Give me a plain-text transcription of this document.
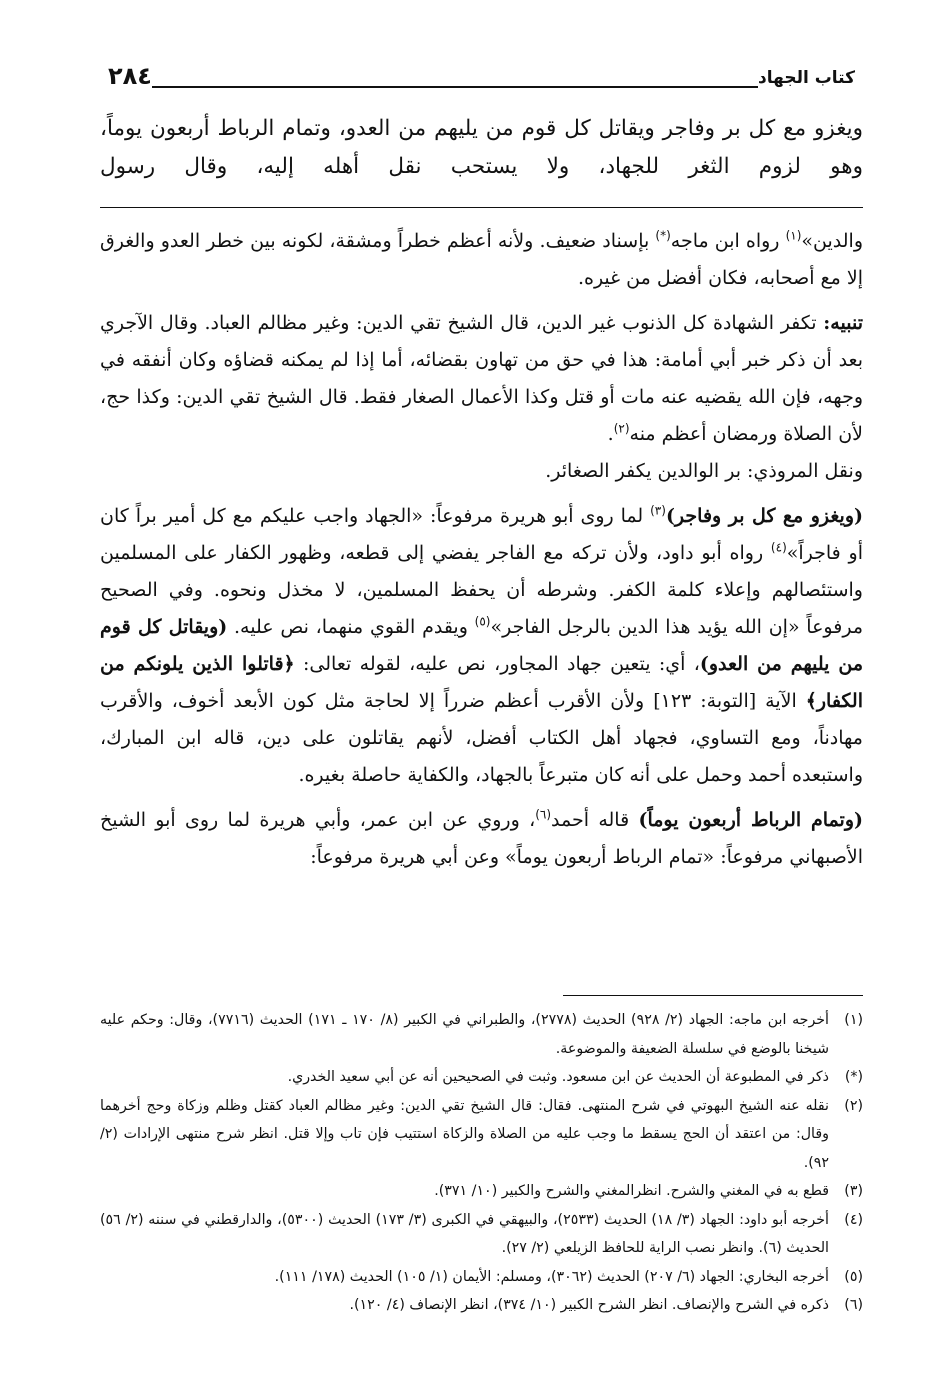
كتاب الجهاد
٢٨٤

ويغزو مع كل بر وفاجر ويقاتل كل قوم من يليهم من العدو، وتمام الرباط أربعون يوماً، وهو لزوم الثغر للجهاد، ولا يستحب نقل أهله إليه، وقال رسول

والدين»$^{(١)}$ رواه ابن ماجه(*) بإسناد ضعيف. ولأنه أعظم خطراً ومشقة، لكونه بين خطر العدو والغرق إلا مع أصحابه، فكان أفضل من غيره.

تنبيه: تكفر الشهادة كل الذنوب غير الدين، قال الشيخ تقي الدين: وغير مظالم العباد. وقال الآجري بعد أن ذكر خبر أبي أمامة: هذا في حق من تهاون بقضائه، أما إذا لم يمكنه قضاؤه وكان أنفقه في وجهه، فإن الله يقضيه عنه مات أو قتل وكذا الأعمال الصغار فقط. قال الشيخ تقي الدين: وكذا حج، لأن الصلاة ورمضان أعظم منه$^{(٢)}$.
ونقل المروذي: بر الوالدين يكفر الصغائر.

(ويغزو مع كل بر وفاجر)$^{(٣)}$ لما روى أبو هريرة مرفوعاً: «الجهاد واجب عليكم مع كل أمير براً كان أو فاجراً»$^{(٤)}$ رواه أبو داود، ولأن تركه مع الفاجر يفضي إلى قطعه، وظهور الكفار على المسلمين واستئصالهم وإعلاء كلمة الكفر. وشرطه أن يحفظ المسلمين، لا مخذل ونحوه. وفي الصحيح مرفوعاً «إن الله يؤيد هذا الدين بالرجل الفاجر»$^{(٥)}$ ويقدم القوي منهما، نص عليه. (ويقاتل كل قوم من يليهم من العدو)، أي: يتعين جهاد المجاور، نص عليه، لقوله تعالى: ﴿قاتلوا الذين يلونكم من الكفار﴾ الآية [التوبة: ١٢٣] ولأن الأقرب أعظم ضرراً إلا لحاجة مثل كون الأبعد أخوف، والأقرب مهادناً، ومع التساوي، فجهاد أهل الكتاب أفضل، لأنهم يقاتلون على دين، قاله ابن المبارك، واستبعده أحمد وحمل على أنه كان متبرعاً بالجهاد، والكفاية حاصلة بغيره.

(وتمام الرباط أربعون يوماً) قاله أحمد$^{(٦)}$، وروي عن ابن عمر، وأبي هريرة لما روى أبو الشيخ الأصبهاني مرفوعاً: «تمام الرباط أربعون يوماً» وعن أبي هريرة مرفوعاً:

(١)
أخرجه ابن ماجه: الجهاد (٢/ ٩٢٨) الحديث (٢٧٧٨)، والطبراني في الكبير (٨/ ١٧٠ ـ ١٧١) الحديث (٧٧١٦)، وقال: وحكم عليه شيخنا بالوضع في سلسلة الضعيفة والموضوعة.

(*)
ذكر في المطبوعة أن الحديث عن ابن مسعود. وثبت في الصحيحين أنه عن أبي سعيد الخدري.

(٢)
نقله عنه الشيخ البهوتي في شرح المنتهى. فقال: قال الشيخ تقي الدين: وغير مظالم العباد كقتل وظلم وزكاة وحج أخرهما وقال: من اعتقد أن الحج يسقط ما وجب عليه من الصلاة والزكاة استتيب فإن تاب وإلا قتل. انظر شرح منتهى الإرادات (٢/ ٩٢).

(٣)
قطع به في المغني والشرح. انظرالمغني والشرح والكبير (١٠/ ٣٧١).

(٤)
أخرجه أبو داود: الجهاد (٣/ ١٨) الحديث (٢٥٣٣)، والبيهقي في الكبرى (٣/ ١٧٣) الحديث (٥٣٠٠)، والدارقطني في سننه (٢/ ٥٦) الحديث (٦). وانظر نصب الراية للحافظ الزيلعي (٢/ ٢٧).

(٥)
أخرجه البخاري: الجهاد (٦/ ٢٠٧) الحديث (٣٠٦٢)، ومسلم: الأيمان (١/ ١٠٥) الحديث (١٧٨/ ١١١).

(٦)
ذكره في الشرح والإنصاف. انظر الشرح الكبير (١٠/ ٣٧٤)، انظر الإنصاف (٤/ ١٢٠).
